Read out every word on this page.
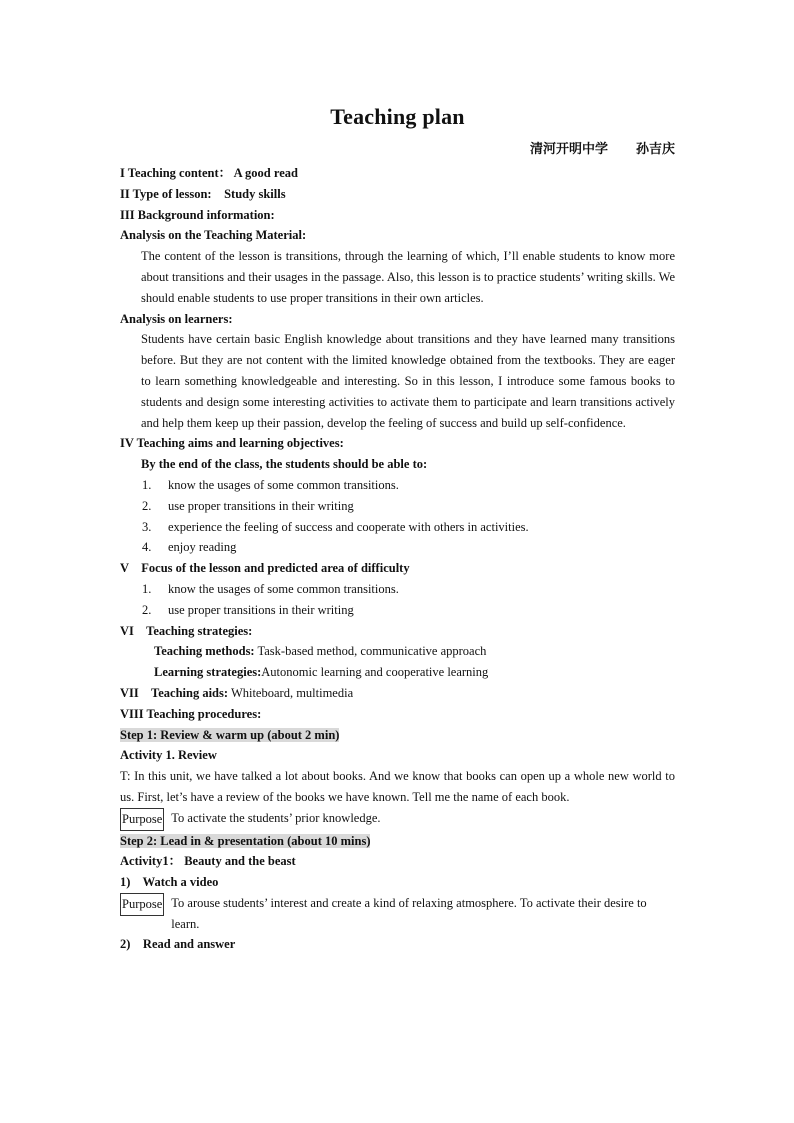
Teaching plan
清河开明中学 孙吉庆
I Teaching content： A good read
II Type of lesson: Study skills
III Background information:
Analysis on the Teaching Material:
The content of the lesson is transitions, through the learning of which, I’ll enable students to know more about transitions and their usages in the passage. Also, this lesson is to practice students’ writing skills. We should enable students to use proper transitions in their own articles.
Analysis on learners:
Students have certain basic English knowledge about transitions and they have learned many transitions before. But they are not content with the limited knowledge obtained from the textbooks. They are eager to learn something knowledgeable and interesting. So in this lesson, I introduce some famous books to students and design some interesting activities to activate them to participate and learn transitions actively and help them keep up their passion, develop the feeling of success and build up self-confidence.
IV Teaching aims and learning objectives:
By the end of the class, the students should be able to:
1. know the usages of some common transitions.
2. use proper transitions in their writing
3. experience the feeling of success and cooperate with others in activities.
4. enjoy reading
V    Focus of the lesson and predicted area of difficulty
1. know the usages of some common transitions.
2. use proper transitions in their writing
VI    Teaching strategies:
Teaching methods: Task-based method, communicative approach
Learning strategies:Autonomic learning and cooperative learning
VII    Teaching aids: Whiteboard, multimedia
VIII Teaching procedures:
Step 1: Review & warm up (about 2 min)
Activity 1. Review
T: In this unit, we have talked a lot about books. And we know that books can open up a whole new world to us. First, let’s have a review of the books we have known. Tell me the name of each book.
Purpose To activate the students’ prior knowledge.
Step 2: Lead in & presentation (about 10 mins)
Activity1： Beauty and the beast
1)    Watch a video
Purpose To arouse students’ interest and create a kind of relaxing atmosphere. To activate their desire to learn.
2)    Read and answer
